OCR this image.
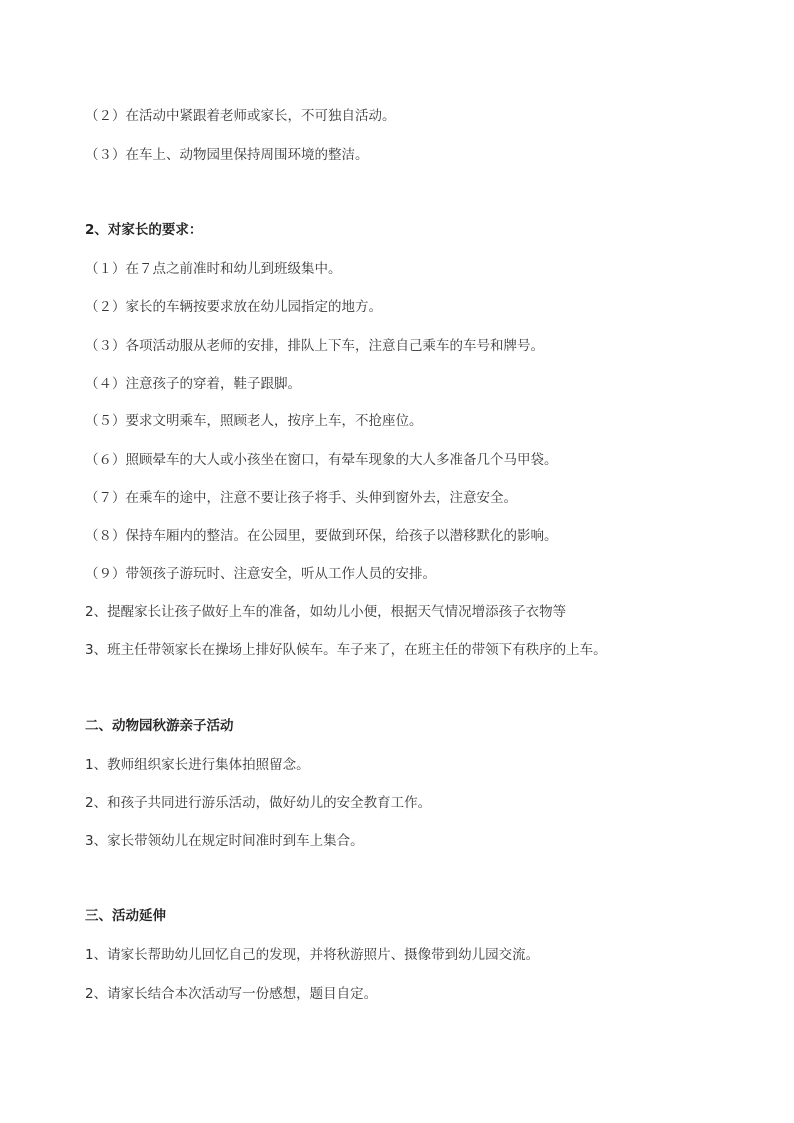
（２）在活动中紧跟着老师或家长，不可独自活动。
（３）在车上、动物园里保持周围环境的整洁。
2、对家长的要求：
（１）在７点之前准时和幼儿到班级集中。
（２）家长的车辆按要求放在幼儿园指定的地方。
（３）各项活动服从老师的安排，排队上下车，注意自己乘车的车号和牌号。
（４）注意孩子的穿着，鞋子跟脚。
（５）要求文明乘车，照顾老人，按序上车，不抢座位。
（６）照顾晕车的大人或小孩坐在窗口，有晕车现象的大人多准备几个马甲袋。
（７）在乘车的途中，注意不要让孩子将手、头伸到窗外去，注意安全。
（８）保持车厢内的整洁。在公园里，要做到环保，给孩子以潜移默化的影响。
（９）带领孩子游玩时、注意安全，听从工作人员的安排。
2、提醒家长让孩子做好上车的准备，如幼儿小便，根据天气情况增添孩子衣物等
3、班主任带领家长在操场上排好队候车。车子来了，在班主任的带领下有秩序的上车。
二、动物园秋游亲子活动
1、教师组织家长进行集体拍照留念。
2、和孩子共同进行游乐活动，做好幼儿的安全教育工作。
3、家长带领幼儿在规定时间准时到车上集合。
三、活动延伸
1、请家长帮助幼儿回忆自己的发现，并将秋游照片、摄像带到幼儿园交流。
2、请家长结合本次活动写一份感想，题目自定。
